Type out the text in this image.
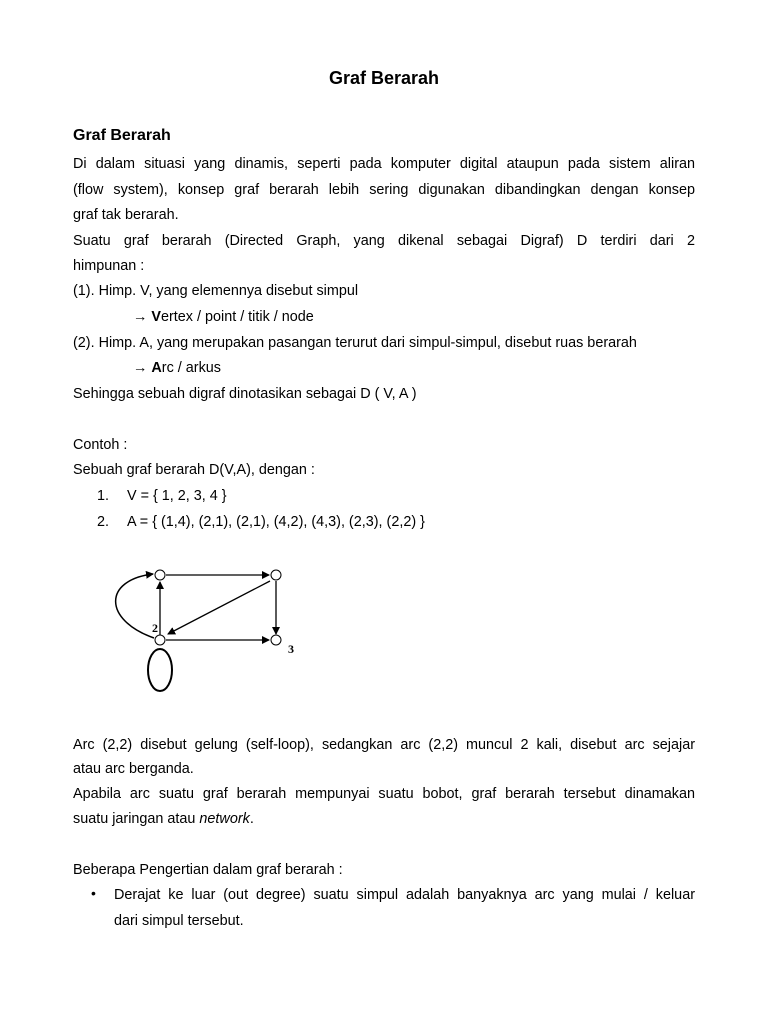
Graf Berarah
Graf Berarah
Di dalam situasi yang dinamis, seperti pada komputer digital ataupun pada sistem aliran
(flow system), konsep graf berarah lebih sering digunakan dibandingkan dengan konsep
graf tak berarah.
Suatu graf berarah (Directed Graph, yang dikenal sebagai Digraf) D terdiri dari 2
himpunan :
(1). Himp. V, yang elemennya disebut simpul
→ Vertex / point / titik / node
(2). Himp. A, yang merupakan pasangan terurut dari simpul-simpul, disebut ruas berarah
→ Arc / arkus
Sehingga sebuah digraf dinotasikan sebagai D ( V, A )
Contoh :
Sebuah graf berarah D(V,A), dengan :
1. V = { 1, 2, 3, 4 }
2. A = { (1,4), (2,1), (2,1), (4,2), (4,3), (2,3), (2,2) }
Arc (2,2) disebut gelung (self-loop), sedangkan arc (2,2) muncul 2 kali, disebut arc sejajar
atau arc berganda.
Apabila arc suatu graf berarah mempunyai suatu bobot, graf berarah tersebut dinamakan
suatu jaringan atau network.
Beberapa Pengertian dalam graf berarah :
• Derajat ke luar (out degree) suatu simpul adalah banyaknya arc yang mulai / keluar
dari simpul tersebut.
2
3
